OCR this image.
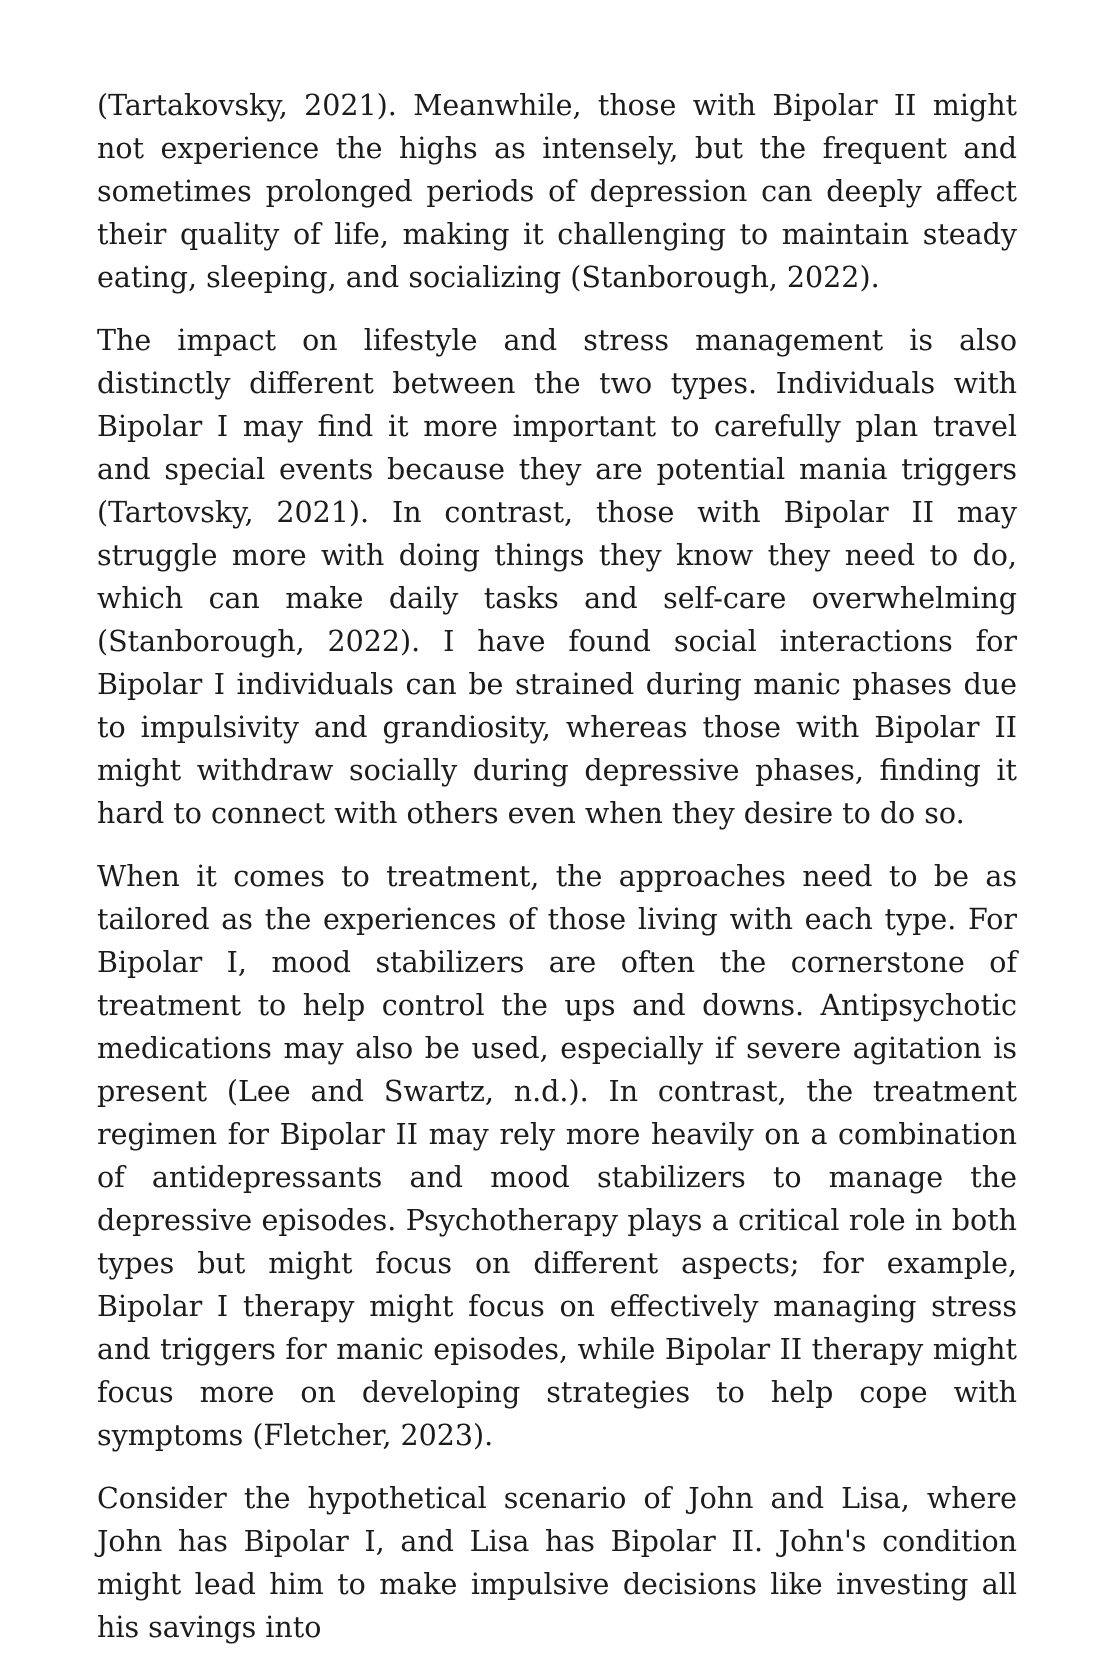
(Tartakovsky, 2021). Meanwhile, those with Bipolar II might not experience the highs as intensely, but the frequent and sometimes prolonged periods of depression can deeply affect their quality of life, making it challenging to maintain steady eating, sleeping, and socializing (Stanborough, 2022).

The impact on lifestyle and stress management is also distinctly different between the two types. Individuals with Bipolar I may find it more important to carefully plan travel and special events because they are potential mania triggers (Tartovsky, 2021). In contrast, those with Bipolar II may struggle more with doing things they know they need to do, which can make daily tasks and self-care overwhelming (Stanborough, 2022). I have found social interactions for Bipolar I individuals can be strained during manic phases due to impulsivity and grandiosity, whereas those with Bipolar II might withdraw socially during depressive phases, finding it hard to connect with others even when they desire to do so.

When it comes to treatment, the approaches need to be as tailored as the experiences of those living with each type. For Bipolar I, mood stabilizers are often the cornerstone of treatment to help control the ups and downs. Antipsychotic medications may also be used, especially if severe agitation is present (Lee and Swartz, n.d.). In contrast, the treatment regimen for Bipolar II may rely more heavily on a combination of antidepressants and mood stabilizers to manage the depressive episodes. Psychotherapy plays a critical role in both types but might focus on different aspects; for example, Bipolar I therapy might focus on effectively managing stress and triggers for manic episodes, while Bipolar II therapy might focus more on developing strategies to help cope with symptoms (Fletcher, 2023).

Consider the hypothetical scenario of John and Lisa, where John has Bipolar I, and Lisa has Bipolar II. John's condition might lead him to make impulsive decisions like investing all his savings into
